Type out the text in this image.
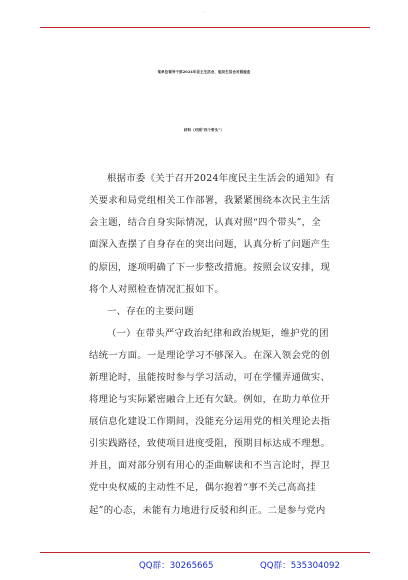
某单位领导干部2024年民主生活会、组织生活会对照检查
材料（对照“四个带头”）
根据市委《关于召开2024年度民主生活会的通知》有
关要求和局党组相关工作部署，我紧紧围绕本次民主生活
会主题，结合自身实际情况，认真对照“四个带头”，全
面深入查摆了自身存在的突出问题，认真分析了问题产生
的原因，逐项明确了下一步整改措施。按照会议安排，现
将个人对照检查情况汇报如下。
一、存在的主要问题
（一）在带头严守政治纪律和政治规矩，维护党的团
结统一方面。一是理论学习不够深入。在深入领会党的创
新理论时，虽能按时参与学习活动，可在学懂弄通做实、
将理论与实际紧密融合上还有欠缺。例如，在助力单位开
展信息化建设工作期间，没能充分运用党的相关理论去指
引实践路径，致使项目进度受阻，预期目标达成不理想。
并且，面对部分别有用心的歪曲解读和不当言论时，捍卫
党中央权威的主动性不足，偶尔抱着“事不关己高高挂
起”的心态，未能有力地进行反驳和纠正。二是参与党内
QQ群：30265665	QQ群：535304092
